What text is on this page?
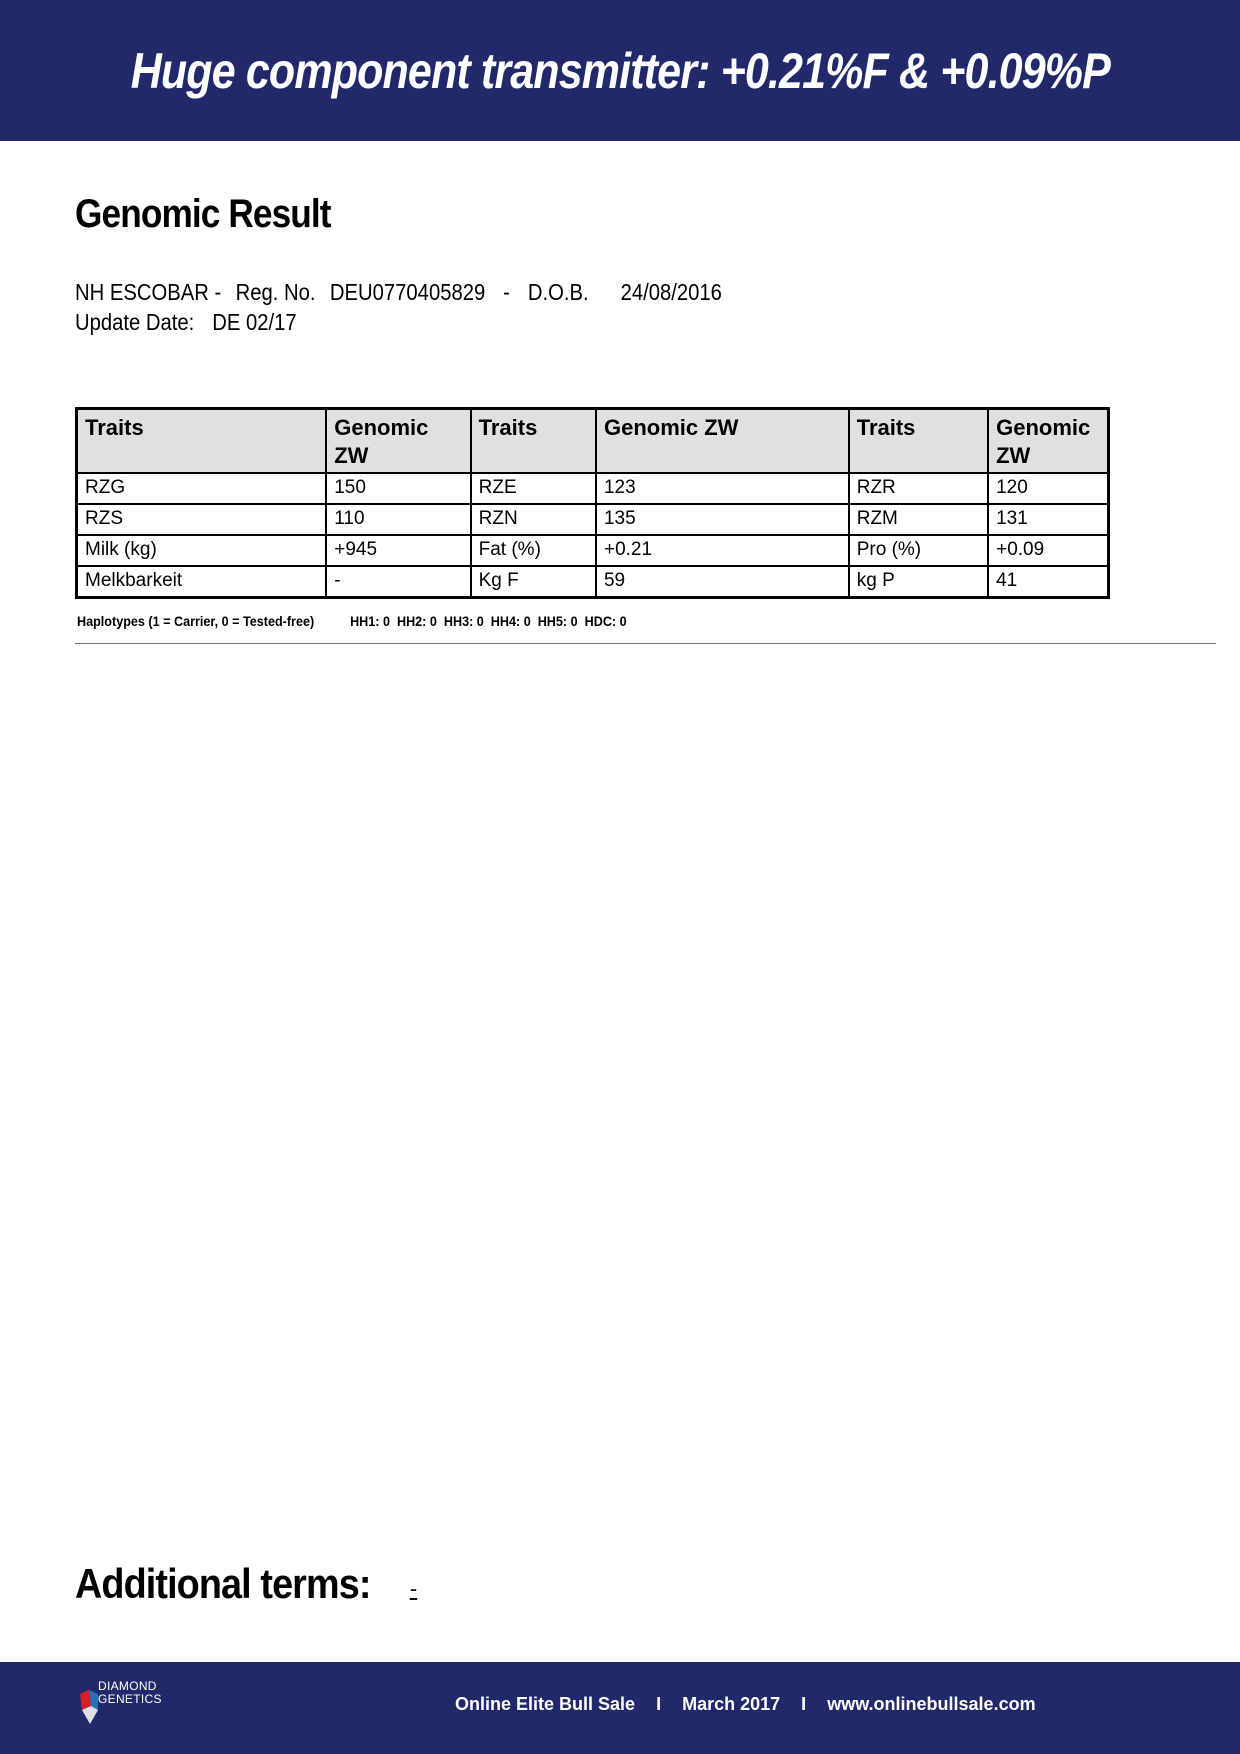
Huge component transmitter: +0.21%F & +0.09%P
Genomic Result
NH ESCOBAR - Reg. No. DEU0770405829 - D.O.B. 24/08/2016
Update Date: DE 02/17
Traits	Genomic ZW	Traits	Genomic ZW	Traits	Genomic ZW
RZG	150	RZE	123	RZR	120
RZS	110	RZN	135	RZM	131
Milk (kg)	+945	Fat (%)	+0.21	Pro (%)	+0.09
Melkbarkeit	-	Kg F	59	kg P	41
Haplotypes (1 = Carrier, 0 = Tested-free)	HH1: 0  HH2: 0  HH3: 0  HH4: 0  HH5: 0  HDC: 0
Additional terms: -
DIAMOND
GENETICS	Online Elite Bull Sale I March 2017 I www.onlinebullsale.com
